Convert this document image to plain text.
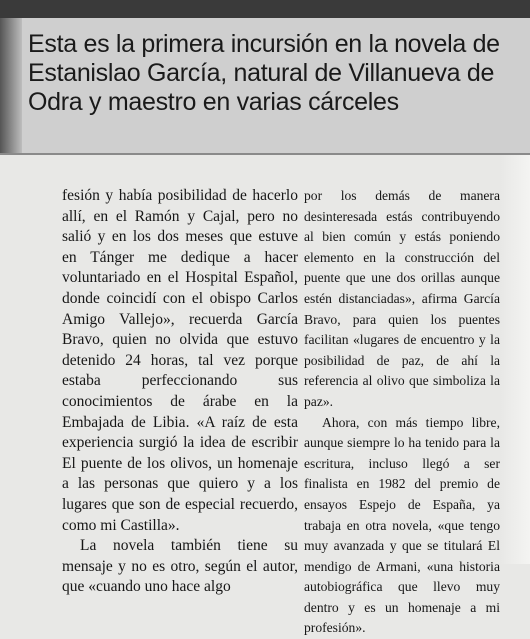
Esta es la primera incursión en la novela de Estanislao García, natural de Villanueva de Odra y maestro en varias cárceles

fesión y había posibilidad de hacerlo allí, en el Ramón y Cajal, pero no salió y en los dos meses que estuve en Tánger me dedique a hacer voluntariado en el Hospital Español, donde coincidí con el obispo Carlos Amigo Vallejo», recuerda García Bravo, quien no olvida que estuvo detenido 24 horas, tal vez porque estaba perfeccionando sus conocimientos de árabe en la Embajada de Libia. «A raíz de esta experiencia surgió la idea de escribir El puente de los olivos, un homenaje a las personas que quiero y a los lugares que son de especial recuerdo, como mi Castilla».

La novela también tiene su mensaje y no es otro, según el autor, que «cuando uno hace algo

por los demás de manera desinteresada estás contribuyendo al bien común y estás poniendo elemento en la construcción del puente que une dos orillas aunque estén distanciadas», afirma García Bravo, para quien los puentes facilitan «lugares de encuentro y la posibilidad de paz, de ahí la referencia al olivo que simboliza la paz».

Ahora, con más tiempo libre, aunque siempre lo ha tenido para la escritura, incluso llegó a ser finalista en 1982 del premio de ensayos Espejo de España, ya trabaja en otra novela, «que tengo muy avanzada y que se titulará El mendigo de Armani, «una historia autobiográfica que llevo muy dentro y es un homenaje a mi profesión».
